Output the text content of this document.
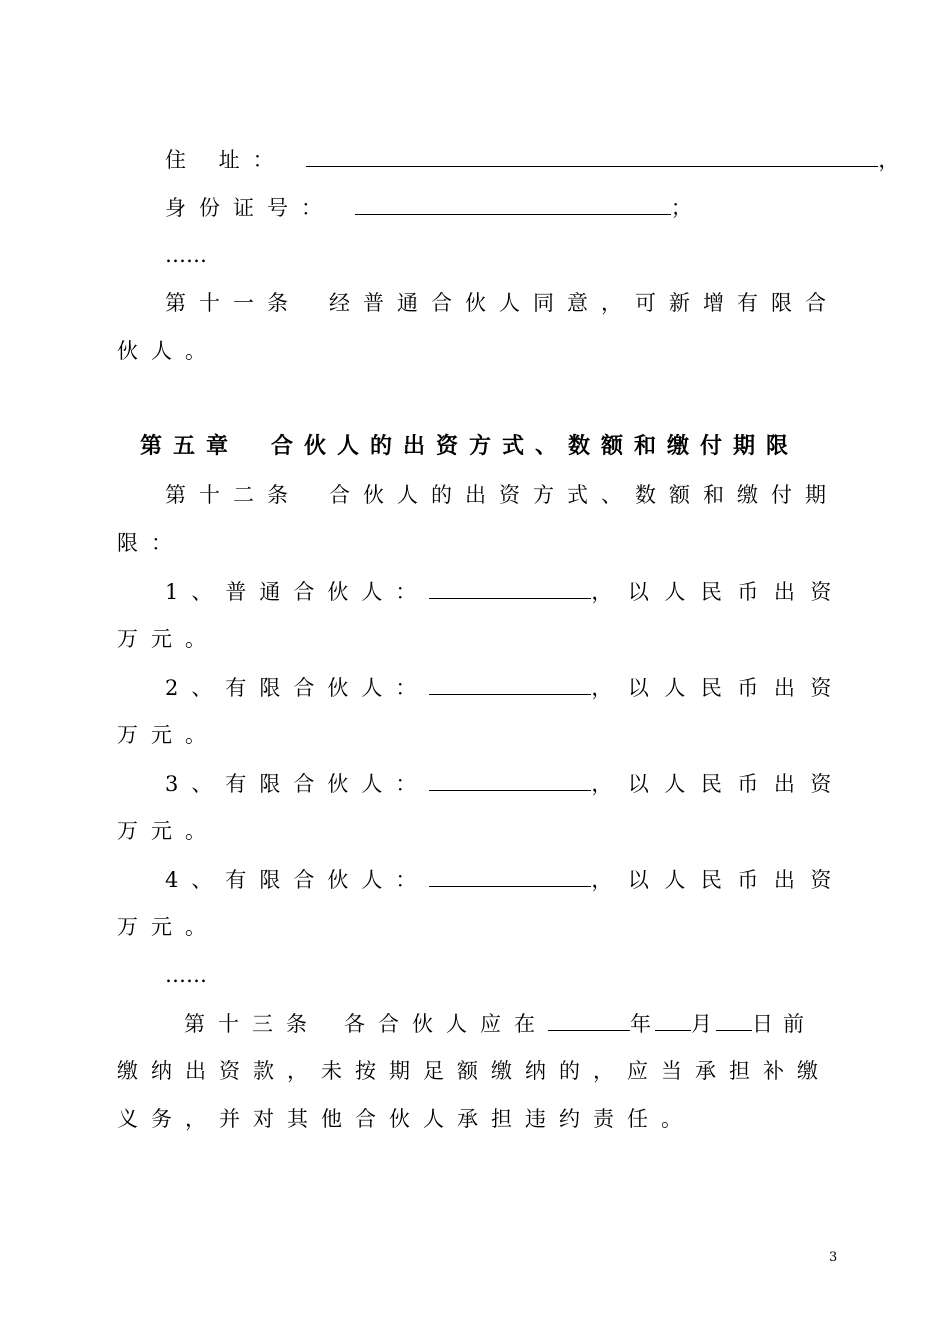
住 址：	，
身份证号：	；
……
第十一条 经普通合伙人同意，可新增有限合
伙人。
第五章 合伙人的出资方式、数额和缴付期限
第十二条 合伙人的出资方式、数额和缴付期
限：
1、普通合伙人：	，以人民币出资
万元。
2、有限合伙人：	，以人民币出资
万元。
3、有限合伙人：	，以人民币出资
万元。
4、有限合伙人：	，以人民币出资
万元。
……
第十三条 各合伙人应在	年 月 日前
缴纳出资款，未按期足额缴纳的，应当承担补缴
义务，并对其他合伙人承担违约责任。
3
